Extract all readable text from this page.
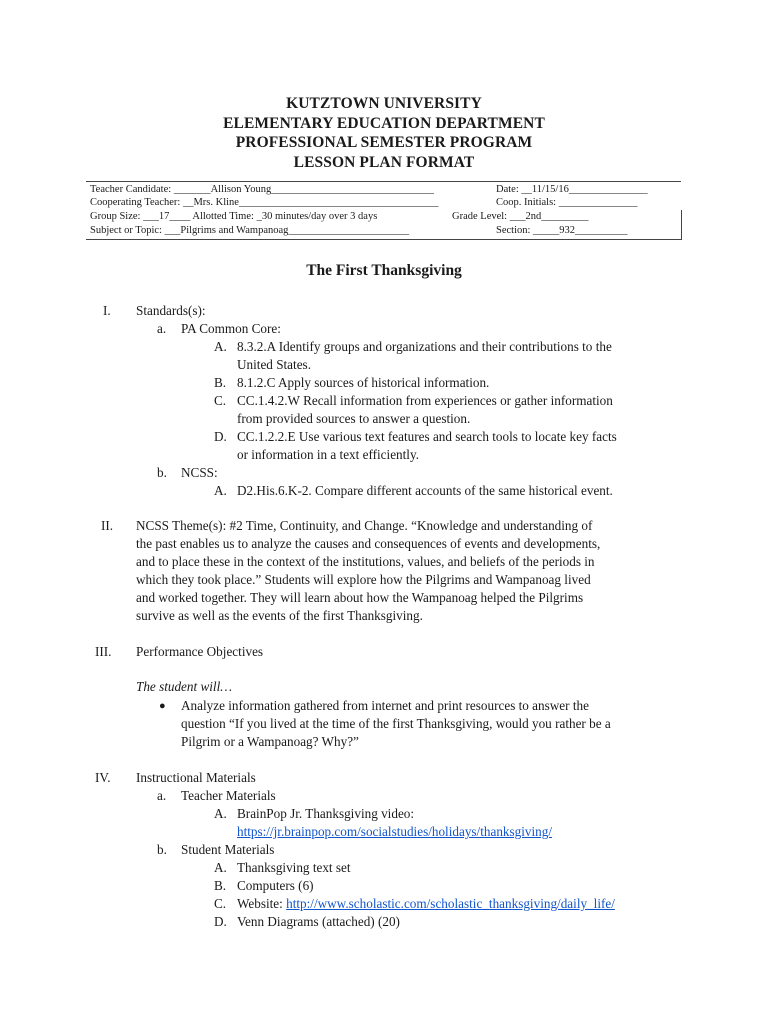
KUTZTOWN UNIVERSITY
ELEMENTARY EDUCATION DEPARTMENT
PROFESSIONAL SEMESTER PROGRAM
LESSON PLAN FORMAT
Teacher Candidate: _______Allison Young_______________________________	Date: __11/15/16_______________
Cooperating Teacher: __Mrs. Kline______________________________________	Coop. Initials: _______________
Group Size: ___17____ Allotted Time: _30 minutes/day over 3 days	Grade Level: ___2nd_________
Subject or Topic: ___Pilgrims and Wampanoag_______________________	Section: _____932__________
The First Thanksgiving
I. Standards(s):
a. PA Common Core:
A. 8.3.2.A Identify groups and organizations and their contributions to the
United States.
B. 8.1.2.C Apply sources of historical information.
C. CC.1.4.2.W Recall information from experiences or gather information
from provided sources to answer a question.
D. CC.1.2.2.E Use various text features and search tools to locate key facts
or information in a text efficiently.
b. NCSS:
A. D2.His.6.K-2. Compare different accounts of the same historical event.
II. NCSS Theme(s): #2 Time, Continuity, and Change. “Knowledge and understanding of
the past enables us to analyze the causes and consequences of events and developments,
and to place these in the context of the institutions, values, and beliefs of the periods in
which they took place.” Students will explore how the Pilgrims and Wampanoag lived
and worked together. They will learn about how the Wampanoag helped the Pilgrims
survive as well as the events of the first Thanksgiving.
III. Performance Objectives
The student will…
● Analyze information gathered from internet and print resources to answer the
question “If you lived at the time of the first Thanksgiving, would you rather be a
Pilgrim or a Wampanoag? Why?”
IV. Instructional Materials
a. Teacher Materials
A. BrainPop Jr. Thanksgiving video:
https://jr.brainpop.com/socialstudies/holidays/thanksgiving/
b. Student Materials
A. Thanksgiving text set
B. Computers (6)
C. Website: http://www.scholastic.com/scholastic_thanksgiving/daily_life/
D. Venn Diagrams (attached) (20)
